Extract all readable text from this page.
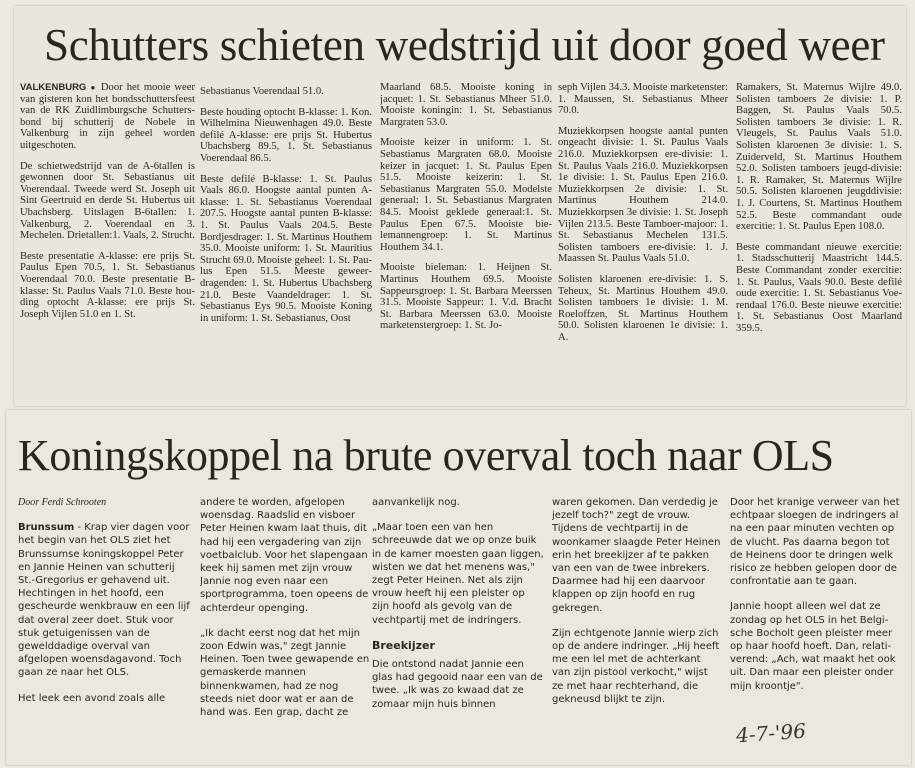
Schutters schieten wedstrijd uit door goed weer

VALKENBURG ● Door het mooie weer van gisteren kon het bondsschuttersfeest van de RK Zuidlimburgsche Schuttersbond bij schutterij de Nobele in Valkenburg in zijn geheel worden uitgeschoten.

De schietwedstrijd van de A-6tallen is gewonnen door St. Sebastianus uit Voerendaal. Tweede werd St. Joseph uit Sint Geertruid en derde St. Hubertus uit Ubachsberg. Uitslagen B-6tallen: 1. Valkenburg, 2. Voerendaal en 3. Mechelen. Drietallen:1. Vaals, 2. Strucht.

Beste presentatie A-klasse: ere prijs St. Paulus Epen 70.5, 1. St. Sebastianus Voerendaal 70.0. Beste presentatie B-klasse: St. Paulus Vaals 71.0. Beste houding optocht A-klasse: ere prijs St. Joseph Vijlen 51.0 en 1. St.

Sebastianus Voerendaal 51.0.

Beste houding optocht B-klasse: 1. Kon. Wilhelmina Nieuwenhagen 49.0. Beste defilé A-klasse: ere prijs St. Hubertus Ubachsberg 89.5, 1. St. Sebastianus Voerendaal 86.5.

Beste defilé B-klasse: 1. St. Paulus Vaals 86.0. Hoogste aantal punten A-klasse: 1. St. Sebastianus Voerendaal 207.5. Hoogste aantal punten B-klasse: 1. St. Paulus Vaals 204.5. Beste Bordjesdrager: 1. St. Martinus Houthem 35.0. Mooiste uniform: 1. St. Mauritius Strucht 69.0. Mooiste geheel: 1. St. Paulus Epen 51.5. Meeste geweerdragenden: 1. St. Hubertus Ubachsberg 21.0. Beste Vaandeldrager: 1. St. Sebastianus Eys 90.5. Mooiste Koning in uniform: 1. St. Sebastianus, Oost

Maarland 68.5. Mooiste koning in jacquet: 1. St. Sebastianus Mheer 51.0. Mooiste koningin: 1. St. Sebastianus Margraten 53.0.

Mooiste keizer in uniform: 1. St. Sebastianus Margraten 68.0. Mooiste keizer in jacquet: 1. St. Paulus Epen 51.5. Mooiste keizerin: 1. St. Sebastianus Margraten 55.0. Modelste generaal: 1. St. Sebastianus Margraten 84.5. Mooist geklede generaal:1. St. Paulus Epen 67.5. Mooiste bielemannengroep: 1. St. Martinus Houthem 34.1.

Mooiste bieleman: 1. Heijnen St. Martinus Houthem 69.5. Mooiste Sappeursgroep: 1. St. Barbara Meerssen 31.5. Mooiste Sappeur: 1. V.d. Bracht St. Barbara Meerssen 63.0. Mooiste marketenstergroep: 1. St. Jo-

seph Vijlen 34.3. Mooiste marketenster: 1. Maussen, St. Sebastianus Mheer 70.0.

Muziekkorpsen hoogste aantal punten ongeacht divisie: 1. St. Paulus Vaals 216.0. Muziekkorpsen ere-divisie: 1. St. Paulus Vaals 216.0. Muziekkorpsen 1e divisie: 1. St. Paulus Epen 216.0. Muziekkorpsen 2e divisie: 1. St. Martinus Houthem 214.0. Muziekkorpsen 3e divisie: 1. St. Joseph Vijlen 213.5. Beste Tamboer-majoor: 1. St. Sebastianus Mechelen 131.5. Solisten tamboers ere-divisie: 1. J. Maassen St. Paulus Vaals 51.0.

Solisten klaroenen ere-divisie: 1. S. Teheux, St. Martinus Houthem 49.0. Solisten tamboers 1e divisie: 1. M. Roeloffzen, St. Martinus Houthem 50.0. Solisten klaroenen 1e divisie: 1. A.

Ramakers, St. Maternus Wijlre 49.0. Solisten tamboers 2e divisie: 1. P. Baggen, St. Paulus Vaals 50.5. Solisten tamboers 3e divisie: 1. R. Vleugels, St. Paulus Vaals 51.0. Solisten klaroenen 3e divisie: 1. S. Zuiderveld, St. Martinus Houthem 52.0. Solisten tamboers jeugd-divisie: 1. R. Ramaker, St. Maternus Wijlre 50.5. Solisten klaroenen jeugddivisie: 1. J. Courtens, St. Martinus Houthem 52.5. Beste commandant oude exercitie: 1. St. Paulus Epen 108.0.

Beste commandant nieuwe exercitie: 1. Stadsschutterij Maastricht 144.5. Beste Commandant zonder exercitie: 1. St. Paulus, Vaals 90.0. Beste defilé oude exercitie: 1. St. Sebastianus Voerendaal 176.0. Beste nieuwe exercitie: 1. St. Sebastianus Oost Maarland 359.5.

Koningskoppel na brute overval toch naar OLS

Door Ferdi Schrooten

Brunssum - Krap vier dagen voor het begin van het OLS ziet het Brunssumse koningskoppel Peter en Jannie Heinen van schutterij St.-Gregorius er gehavend uit. Hechtingen in het hoofd, een gescheurde wenkbrauw en een lijf dat overal zeer doet. Stuk voor stuk getuigenissen van de gewelddadige overval van afgelopen woensdagavond. Toch gaan ze naar het OLS.

Het leek een avond zoals alle

andere te worden, afgelopen woensdag. Raadslid en visboer Peter Heinen kwam laat thuis, dit had hij een vergadering van zijn voetbalclub. Voor het slapengaan keek hij samen met zijn vrouw Jannie nog even naar een sportprogramma, toen opeens de achterdeur openging.

„Ik dacht eerst nog dat het mijn zoon Edwin was," zegt Jannie Heinen. Toen twee gewapende en gemaskerde mannen binnenkwamen, had ze nog steeds niet door wat er aan de hand was. Een grap, dacht ze

aanvankelijk nog.

„Maar toen een van hen schreeuwde dat we op onze buik in de kamer moesten gaan liggen, wisten we dat het menens was," zegt Peter Heinen. Net als zijn vrouw heeft hij een pleister op zijn hoofd als gevolg van de vechtpartij met de indringers.

Breekijzer

Die ontstond nadat Jannie een glas had gegooid naar een van de twee. „Ik was zo kwaad dat ze zomaar mijn huis binnen

waren gekomen. Dan verdedig je jezelf toch?" zegt de vrouw. Tijdens de vechtpartij in de woonkamer slaagde Peter Heinen erin het breekijzer af te pakken van een van de twee inbrekers. Daarmee had hij een daarvoor klappen op zijn hoofd en rug gekregen.

Zijn echtgenote Jannie wierp zich op de andere indringer. „Hij heeft me een lel met de achterkant van zijn pistool verkocht," wijst ze met haar rechterhand, die gekneusd blijkt te zijn.

Door het kranige verweer van het echtpaar sloegen de indringers al na een paar minuten vechten op de vlucht. Pas daarna begon tot de Heinens door te dringen welk risico ze hebben gelopen door de confrontatie aan te gaan.

Jannie hoopt alleen wel dat ze zondag op het OLS in het Belgische Bocholt geen pleister meer op haar hoofd hoeft. Dan, relativerend: „Ach, wat maakt het ook uit. Dan maar een pleister onder mijn kroontje".

4-7-'96
